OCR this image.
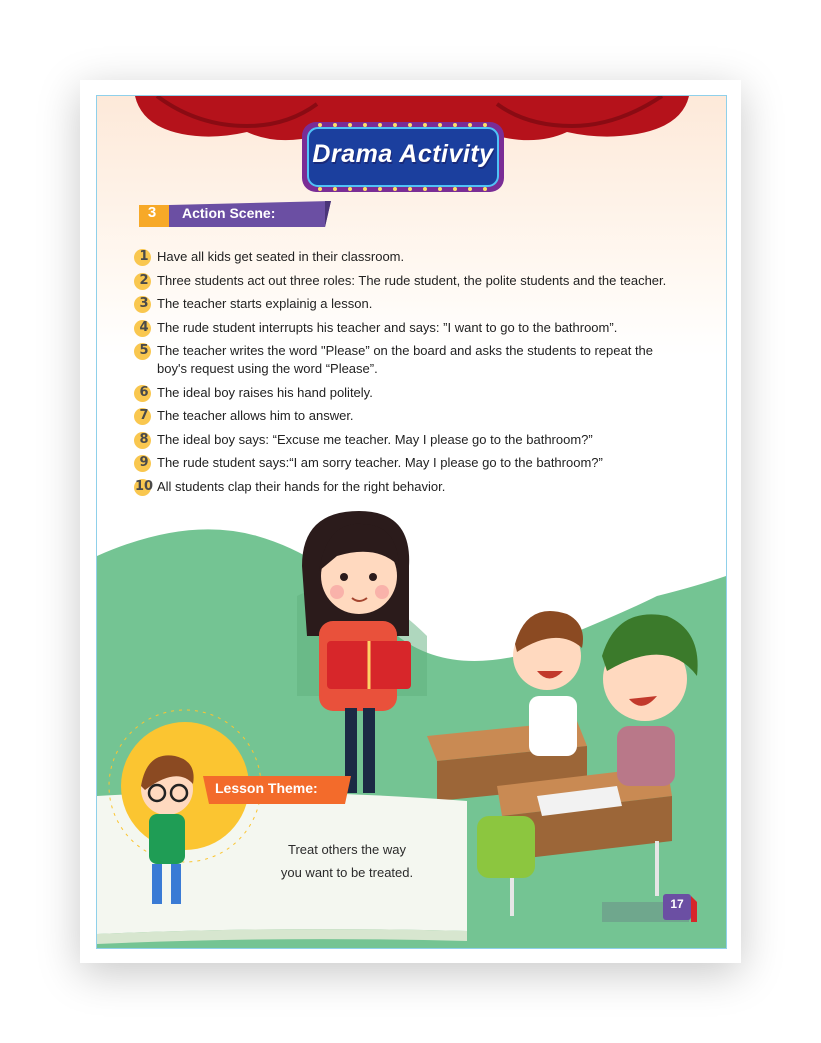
Drama Activity
3	Action Scene:
1 Have all kids get seated in their classroom.
2 Three students act out three roles: The rude student, the polite students and the teacher.
3 The teacher starts explainig a lesson.
4 The rude student interrupts his teacher and says: ”I want to go to the bathroom”.
5 The teacher writes the word "Please” on the board and asks the students to repeat the boy's request using the word “Please”.
6 The ideal boy raises his hand politely.
7 The teacher allows him to answer.
8 The ideal boy says: “Excuse me teacher. May I please go to the bathroom?”
9 The rude student says:“I am sorry teacher. May I please go to the bathroom?”
10 All students clap their hands for the right behavior.
Lesson Theme:
Treat others the way
you want to be treated.
17
